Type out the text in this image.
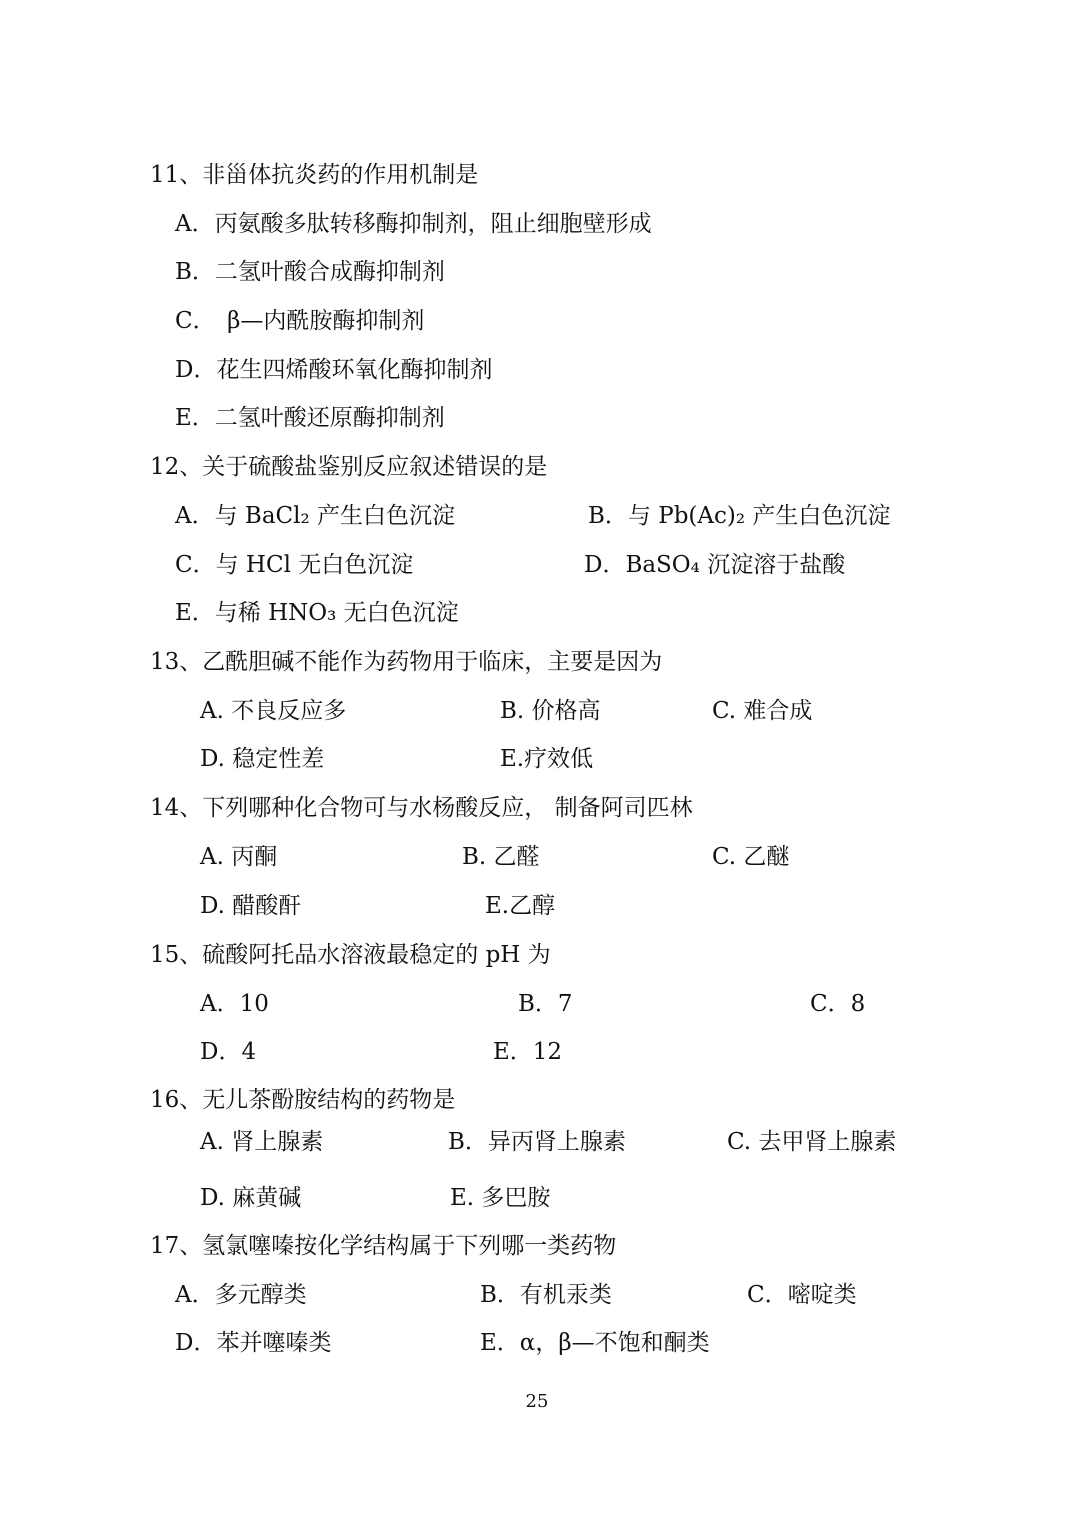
11、非甾体抗炎药的作用机制是
A．丙氨酸多肽转移酶抑制剂，阻止细胞壁形成
B．二氢叶酸合成酶抑制剂
C．　β—内酰胺酶抑制剂
D．花生四烯酸环氧化酶抑制剂
E．二氢叶酸还原酶抑制剂
12、关于硫酸盐鉴别反应叙述错误的是
A．与 BaCl₂ 产生白色沉淀	B．与 Pb(Ac)₂ 产生白色沉淀
C．与 HCl 无白色沉淀	D．BaSO₄ 沉淀溶于盐酸
E．与稀 HNO₃ 无白色沉淀
13、乙酰胆碱不能作为药物用于临床，主要是因为
A. 不良反应多	B. 价格高	C. 难合成
D. 稳定性差	E.疗效低
14、下列哪种化合物可与水杨酸反应， 制备阿司匹林
A. 丙酮	B. 乙醛	C. 乙醚
D. 醋酸酐	E.乙醇
15、硫酸阿托品水溶液最稳定的 pH 为
A．10	B．7	C．8
D．4	E．12
16、无儿茶酚胺结构的药物是
A. 肾上腺素	B．异丙肾上腺素	C. 去甲肾上腺素
D. 麻黄碱	E. 多巴胺
17、氢氯噻嗪按化学结构属于下列哪一类药物
A．多元醇类	B．有机汞类	C．嘧啶类
D．苯并噻嗪类	E．α，β—不饱和酮类
25
